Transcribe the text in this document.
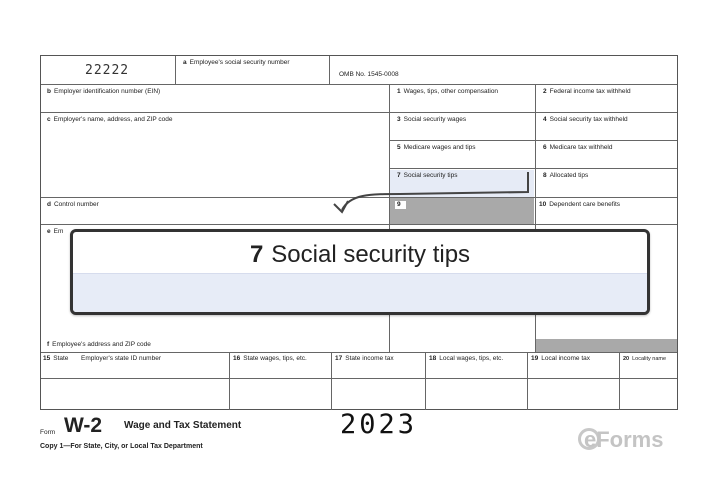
22222
a Employee's social security number
OMB No. 1545-0008
b Employer identification number (EIN)
c Employer's name, address, and ZIP code
d Control number
e Em
f Employee's address and ZIP code
1 Wages, tips, other compensation	2 Federal income tax withheld
3 Social security wages	4 Social security tax withheld
5 Medicare wages and tips	6 Medicare tax withheld
7 Social security tips	8 Allocated tips
9	10 Dependent care benefits
15 State Employer's state ID number	16 State wages, tips, etc.	17 State income tax	18 Local wages, tips, etc.	19 Local income tax	20 Locality name
7 Social security tips
Form W-2 Wage and Tax Statement
Copy 1—For State, City, or Local Tax Department
2023	eForms
